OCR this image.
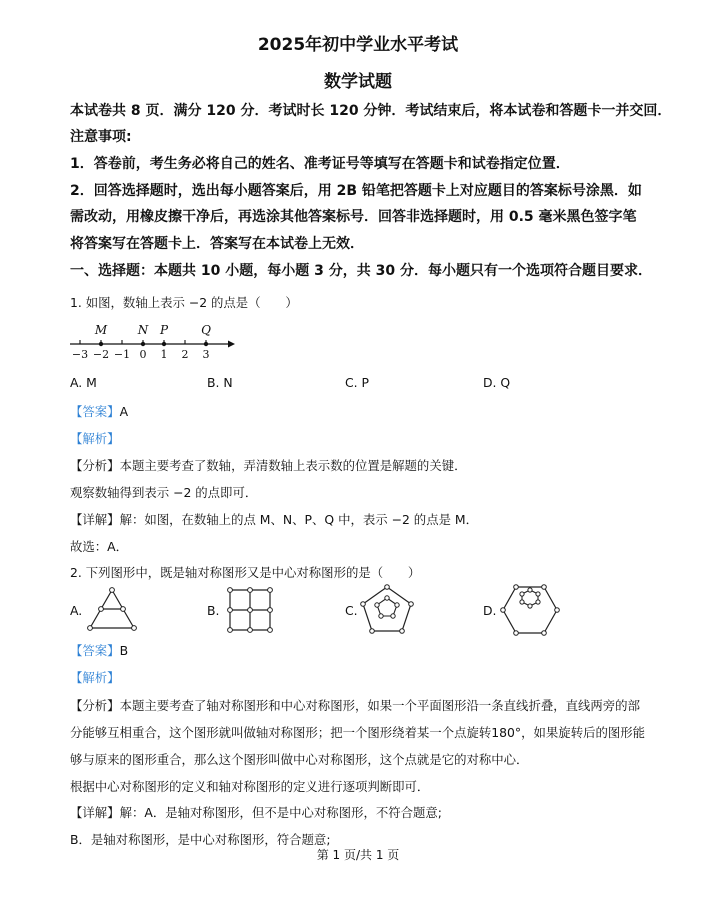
2025年初中学业水平考试
数学试题
本试卷共 8 页．满分 120 分．考试时长 120 分钟．考试结束后，将本试卷和答题卡一并交回．
注意事项:
1．答卷前，考生务必将自己的姓名、准考证号等填写在答题卡和试卷指定位置．
2．回答选择题时，选出每小题答案后，用 2B 铅笔把答题卡上对应题目的答案标号涂黑．如
需改动，用橡皮擦干净后，再选涂其他答案标号．回答非选择题时，用 0.5 毫米黑色签字笔
将答案写在答题卡上．答案写在本试卷上无效．
一、选择题：本题共 10 小题，每小题 3 分，共 30 分．每小题只有一个选项符合题目要求．
1. 如图，数轴上表示 −2 的点是（　　）
−3 −2 −1 0 1 2 3
M	N P	Q
A. M	B. N	C. P	D. Q
【答案】A
【解析】
【分析】本题主要考查了数轴，弄清数轴上表示数的位置是解题的关键．
观察数轴得到表示 −2 的点即可．
【详解】解：如图，在数轴上的点 M、N、P、Q 中，表示 −2 的点是 M．
故选：A．
2. 下列图形中，既是轴对称图形又是中心对称图形的是（　　）
A.	B.	C.	D.
【答案】B
【解析】
【分析】本题主要考查了轴对称图形和中心对称图形，如果一个平面图形沿一条直线折叠，直线两旁的部
分能够互相重合，这个图形就叫做轴对称图形；把一个图形绕着某一个点旋转180°，如果旋转后的图形能
够与原来的图形重合，那么这个图形叫做中心对称图形，这个点就是它的对称中心．
根据中心对称图形的定义和轴对称图形的定义进行逐项判断即可．
【详解】解：A．是轴对称图形，但不是中心对称图形，不符合题意;
B．是轴对称图形，是中心对称图形，符合题意;
第 1 页/共 1 页
